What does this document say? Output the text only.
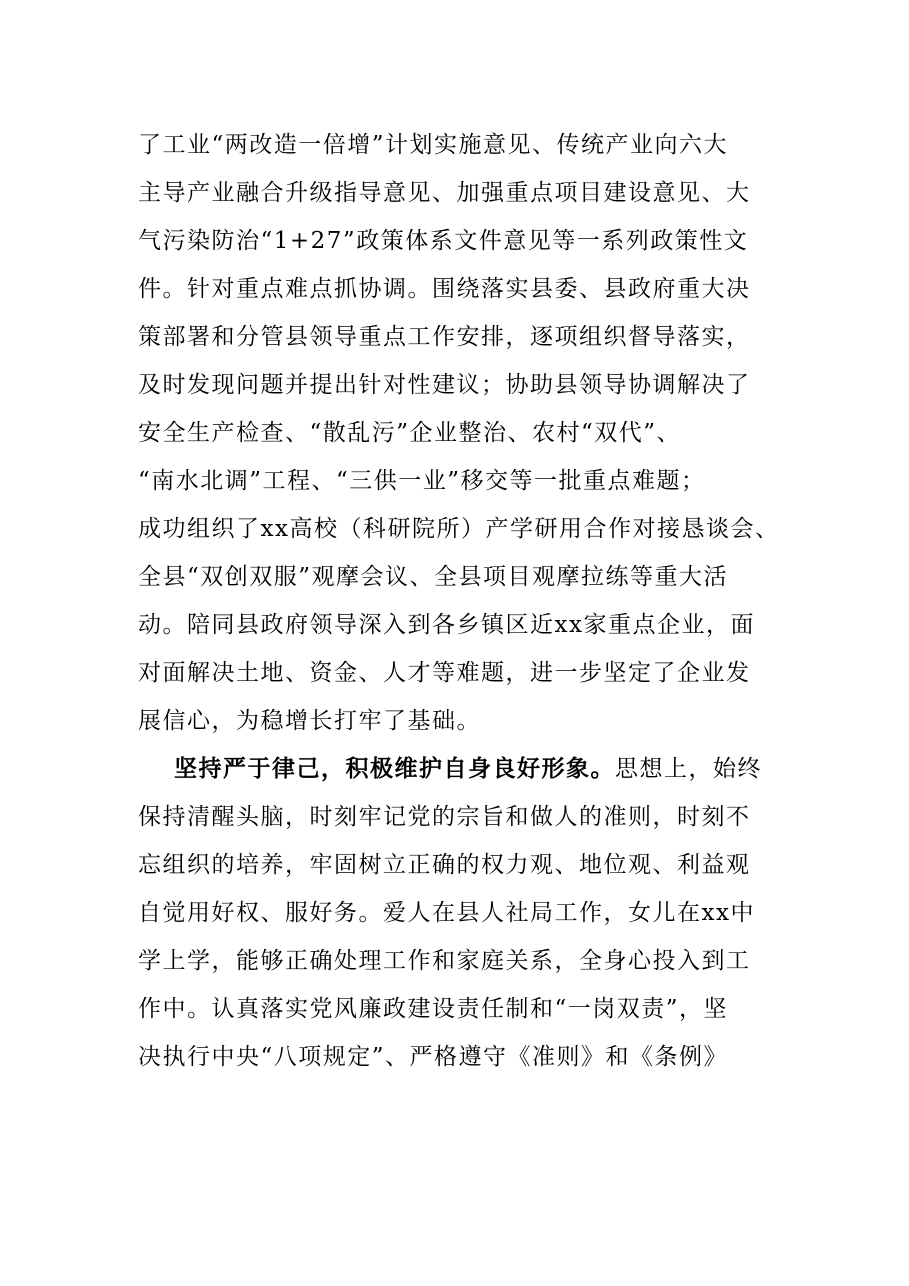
了工业“两改造一倍增”计划实施意见、传统产业向六大
主导产业融合升级指导意见、加强重点项目建设意见、大
气污染防治“1+27”政策体系文件意见等一系列政策性文
件。针对重点难点抓协调。围绕落实县委、县政府重大决
策部署和分管县领导重点工作安排，逐项组织督导落实，
及时发现问题并提出针对性建议；协助县领导协调解决了
安全生产检查、“散乱污”企业整治、农村“双代”、
“南水北调”工程、“三供一业”移交等一批重点难题；
成功组织了xx高校（科研院所）产学研用合作对接恳谈会、
全县“双创双服”观摩会议、全县项目观摩拉练等重大活
动。陪同县政府领导深入到各乡镇区近xx家重点企业，面
对面解决土地、资金、人才等难题，进一步坚定了企业发
展信心，为稳增长打牢了基础。
坚持严于律己，积极维护自身良好形象。思想上，始终
保持清醒头脑，时刻牢记党的宗旨和做人的准则，时刻不
忘组织的培养，牢固树立正确的权力观、地位观、利益观
自觉用好权、服好务。爱人在县人社局工作，女儿在xx中
学上学，能够正确处理工作和家庭关系，全身心投入到工
作中。认真落实党风廉政建设责任制和“一岗双责”，坚
决执行中央“八项规定”、严格遵守《准则》和《条例》
